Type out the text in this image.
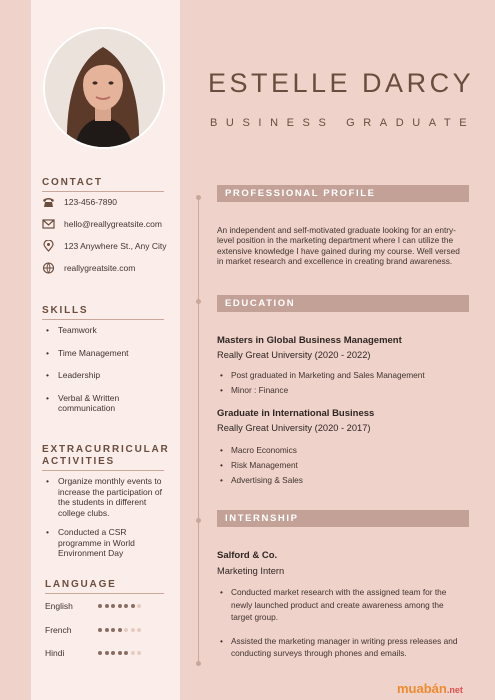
ESTELLE DARCY
BUSINESS GRADUATE
CONTACT
123-456-7890
hello@reallygreatsite.com
123 Anywhere St., Any City
reallygreatsite.com
SKILLS
• Teamwork
• Time Management
• Leadership
• Verbal & Written communication
EXTRACURRICULAR ACTIVITIES
• Organize monthly events to increase the participation of the students in different college clubs.
• Conducted a CSR programme in World Environment Day
LANGUAGE
English
French
Hindi
PROFESSIONAL PROFILE
An independent and self-motivated graduate looking for an entry-level position in the marketing department where I can utilize the extensive knowledge I have gained during my course. Well versed in market research and excellence in creating brand awareness.
EDUCATION
Masters in Global Business Management
Really Great University (2020 - 2022)
• Post graduated in Marketing and Sales Management
• Minor : Finance
Graduate in International Business
Really Great University (2020 - 2017)
• Macro Economics
• Risk Management
• Advertising & Sales
INTERNSHIP
Salford & Co.
Marketing Intern
• Conducted market research with the assigned team for the newly launched product and create awareness among the target group.
• Assisted the marketing manager in writing press releases and conducting surveys through phones and emails.
muabán.net
